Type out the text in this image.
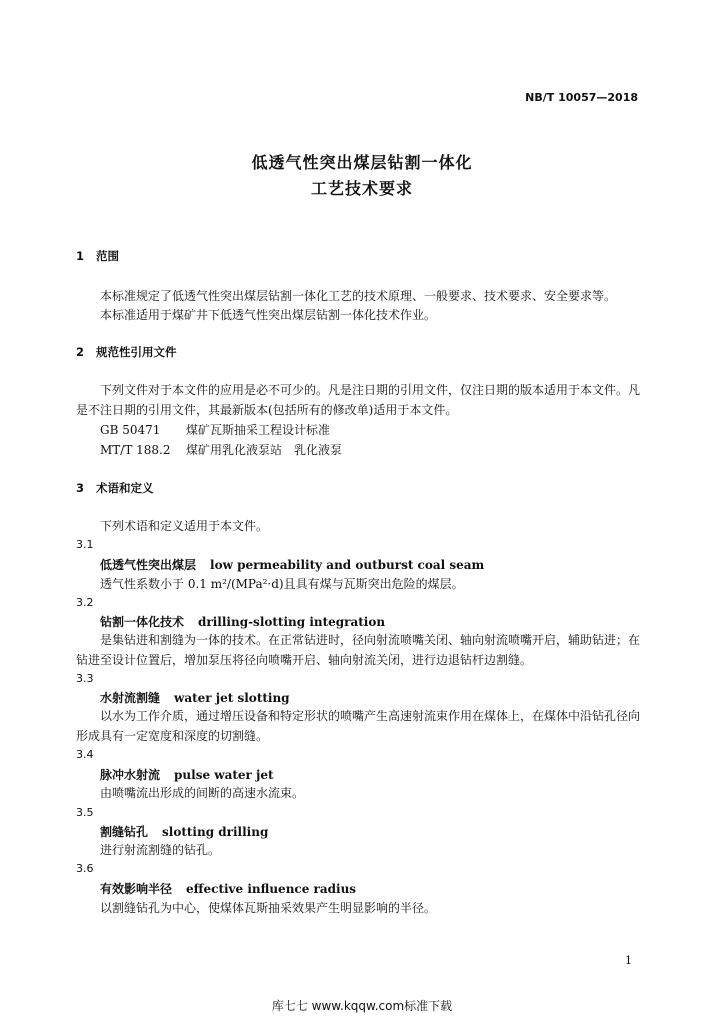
NB/T 10057—2018
低透气性突出煤层钻割一体化
工艺技术要求
1 范围
本标准规定了低透气性突出煤层钻割一体化工艺的技术原理、一般要求、技术要求、安全要求等。
本标准适用于煤矿井下低透气性突出煤层钻割一体化技术作业。
2 规范性引用文件
下列文件对于本文件的应用是必不可少的。凡是注日期的引用文件，仅注日期的版本适用于本文件。凡是不注日期的引用文件，其最新版本(包括所有的修改单)适用于本文件。
GB 50471 煤矿瓦斯抽采工程设计标准
MT/T 188.2 煤矿用乳化液泵站　乳化液泵
3 术语和定义
下列术语和定义适用于本文件。
3.1
低透气性突出煤层 low permeability and outburst coal seam
透气性系数小于 0.1 m²/(MPa²·d)且具有煤与瓦斯突出危险的煤层。
3.2
钻割一体化技术 drilling-slotting integration
是集钻进和割缝为一体的技术。在正常钻进时，径向射流喷嘴关闭、轴向射流喷嘴开启，辅助钻进；在钻进至设计位置后，增加泵压将径向喷嘴开启、轴向射流关闭，进行边退钻杆边割缝。
3.3
水射流割缝 water jet slotting
以水为工作介质，通过增压设备和特定形状的喷嘴产生高速射流束作用在煤体上，在煤体中沿钻孔径向形成具有一定宽度和深度的切割缝。
3.4
脉冲水射流 pulse water jet
由喷嘴流出形成的间断的高速水流束。
3.5
割缝钻孔 slotting drilling
进行射流割缝的钻孔。
3.6
有效影响半径 effective influence radius
以割缝钻孔为中心，使煤体瓦斯抽采效果产生明显影响的半径。
1
库七七 www.kqqw.com标准下载
